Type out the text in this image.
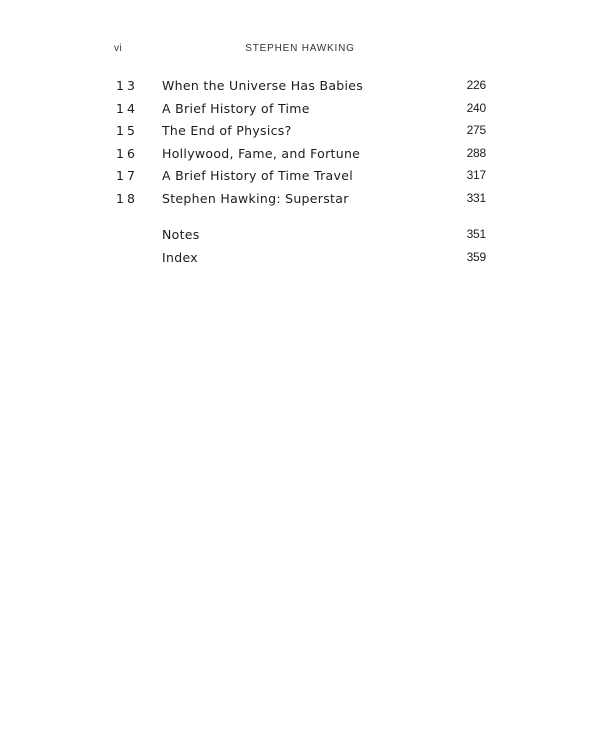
vi	STEPHEN HAWKING
13 When the Universe Has Babies	226
14 A Brief History of Time	240
15 The End of Physics?	275
16 Hollywood, Fame, and Fortune	288
17 A Brief History of Time Travel	317
18 Stephen Hawking: Superstar	331
Notes	351
Index	359
